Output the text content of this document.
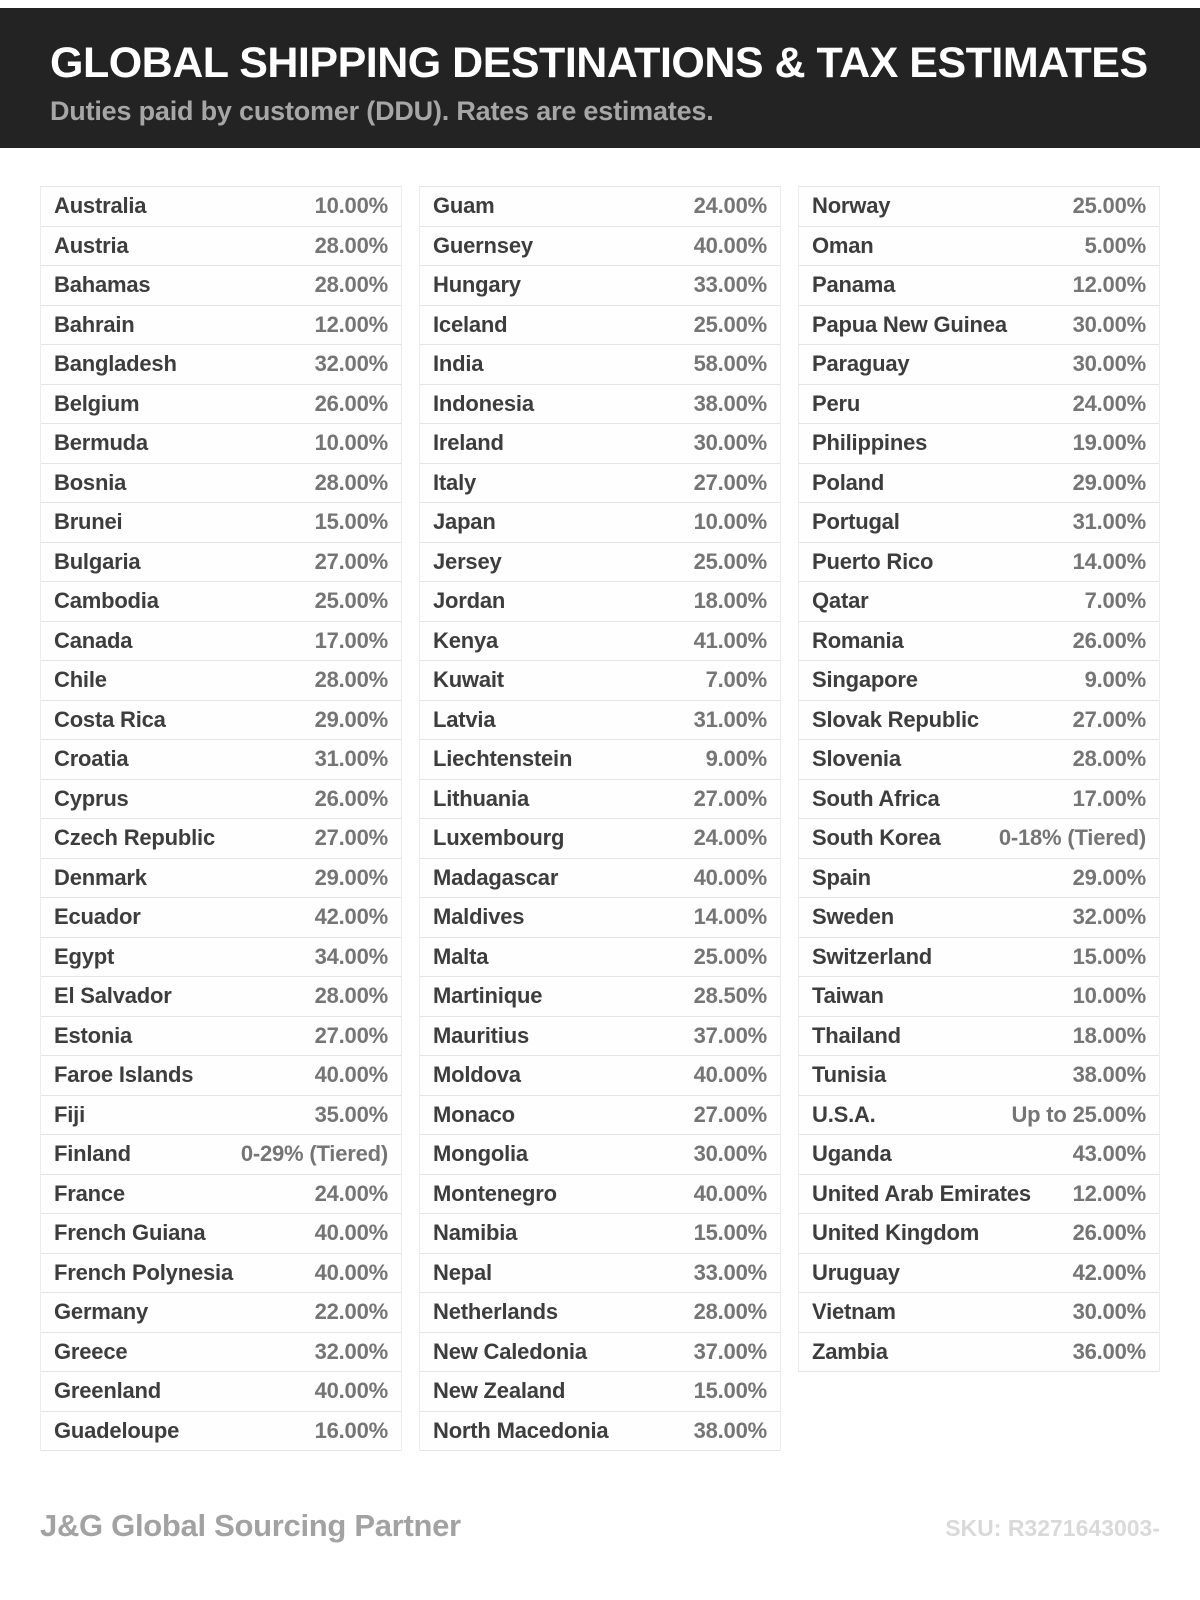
GLOBAL SHIPPING DESTINATIONS & TAX ESTIMATES
Duties paid by customer (DDU). Rates are estimates.
Australia	10.00%
Austria	28.00%
Bahamas	28.00%
Bahrain	12.00%
Bangladesh	32.00%
Belgium	26.00%
Bermuda	10.00%
Bosnia	28.00%
Brunei	15.00%
Bulgaria	27.00%
Cambodia	25.00%
Canada	17.00%
Chile	28.00%
Costa Rica	29.00%
Croatia	31.00%
Cyprus	26.00%
Czech Republic	27.00%
Denmark	29.00%
Ecuador	42.00%
Egypt	34.00%
El Salvador	28.00%
Estonia	27.00%
Faroe Islands	40.00%
Fiji	35.00%
Finland	0-29% (Tiered)
France	24.00%
French Guiana	40.00%
French Polynesia	40.00%
Germany	22.00%
Greece	32.00%
Greenland	40.00%
Guadeloupe	16.00%
Guam	24.00%
Guernsey	40.00%
Hungary	33.00%
Iceland	25.00%
India	58.00%
Indonesia	38.00%
Ireland	30.00%
Italy	27.00%
Japan	10.00%
Jersey	25.00%
Jordan	18.00%
Kenya	41.00%
Kuwait	7.00%
Latvia	31.00%
Liechtenstein	9.00%
Lithuania	27.00%
Luxembourg	24.00%
Madagascar	40.00%
Maldives	14.00%
Malta	25.00%
Martinique	28.50%
Mauritius	37.00%
Moldova	40.00%
Monaco	27.00%
Mongolia	30.00%
Montenegro	40.00%
Namibia	15.00%
Nepal	33.00%
Netherlands	28.00%
New Caledonia	37.00%
New Zealand	15.00%
North Macedonia	38.00%
Norway	25.00%
Oman	5.00%
Panama	12.00%
Papua New Guinea	30.00%
Paraguay	30.00%
Peru	24.00%
Philippines	19.00%
Poland	29.00%
Portugal	31.00%
Puerto Rico	14.00%
Qatar	7.00%
Romania	26.00%
Singapore	9.00%
Slovak Republic	27.00%
Slovenia	28.00%
South Africa	17.00%
South Korea	0-18% (Tiered)
Spain	29.00%
Sweden	32.00%
Switzerland	15.00%
Taiwan	10.00%
Thailand	18.00%
Tunisia	38.00%
U.S.A.	Up to 25.00%
Uganda	43.00%
United Arab Emirates 12.00%
United Kingdom	26.00%
Uruguay	42.00%
Vietnam	30.00%
Zambia	36.00%
J&G Global Sourcing Partner	SKU: R3271643003-
